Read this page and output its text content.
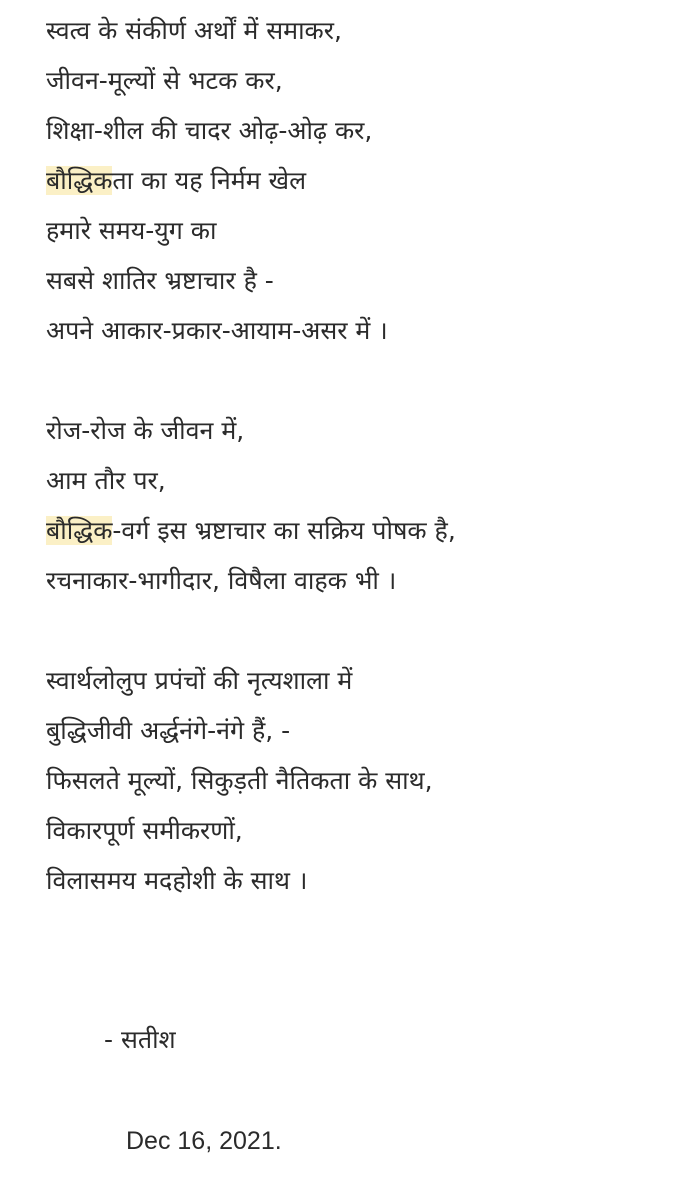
स्वत्व के संकीर्ण अर्थों में समाकर,
जीवन-मूल्यों से भटक कर,
शिक्षा-शील की चादर ओढ़-ओढ़ कर,
बौद्धिकता का यह निर्मम खेल
हमारे समय-युग का
सबसे शातिर भ्रष्टाचार है -
अपने आकार-प्रकार-आयाम-असर में ।
रोज-रोज के जीवन में,
आम तौर पर,
बौद्धिक-वर्ग इस भ्रष्टाचार का सक्रिय पोषक है,
रचनाकार-भागीदार, विषैला वाहक भी ।
स्वार्थलोलुप प्रपंचों की नृत्यशाला में
बुद्धिजीवी अर्द्धनंगे-नंगे हैं, -
फिसलते मूल्यों, सिकुड़ती नैतिकता के साथ,
विकारपूर्ण समीकरणों,
विलासमय मदहोशी के साथ ।
- सतीश
Dec 16, 2021.
